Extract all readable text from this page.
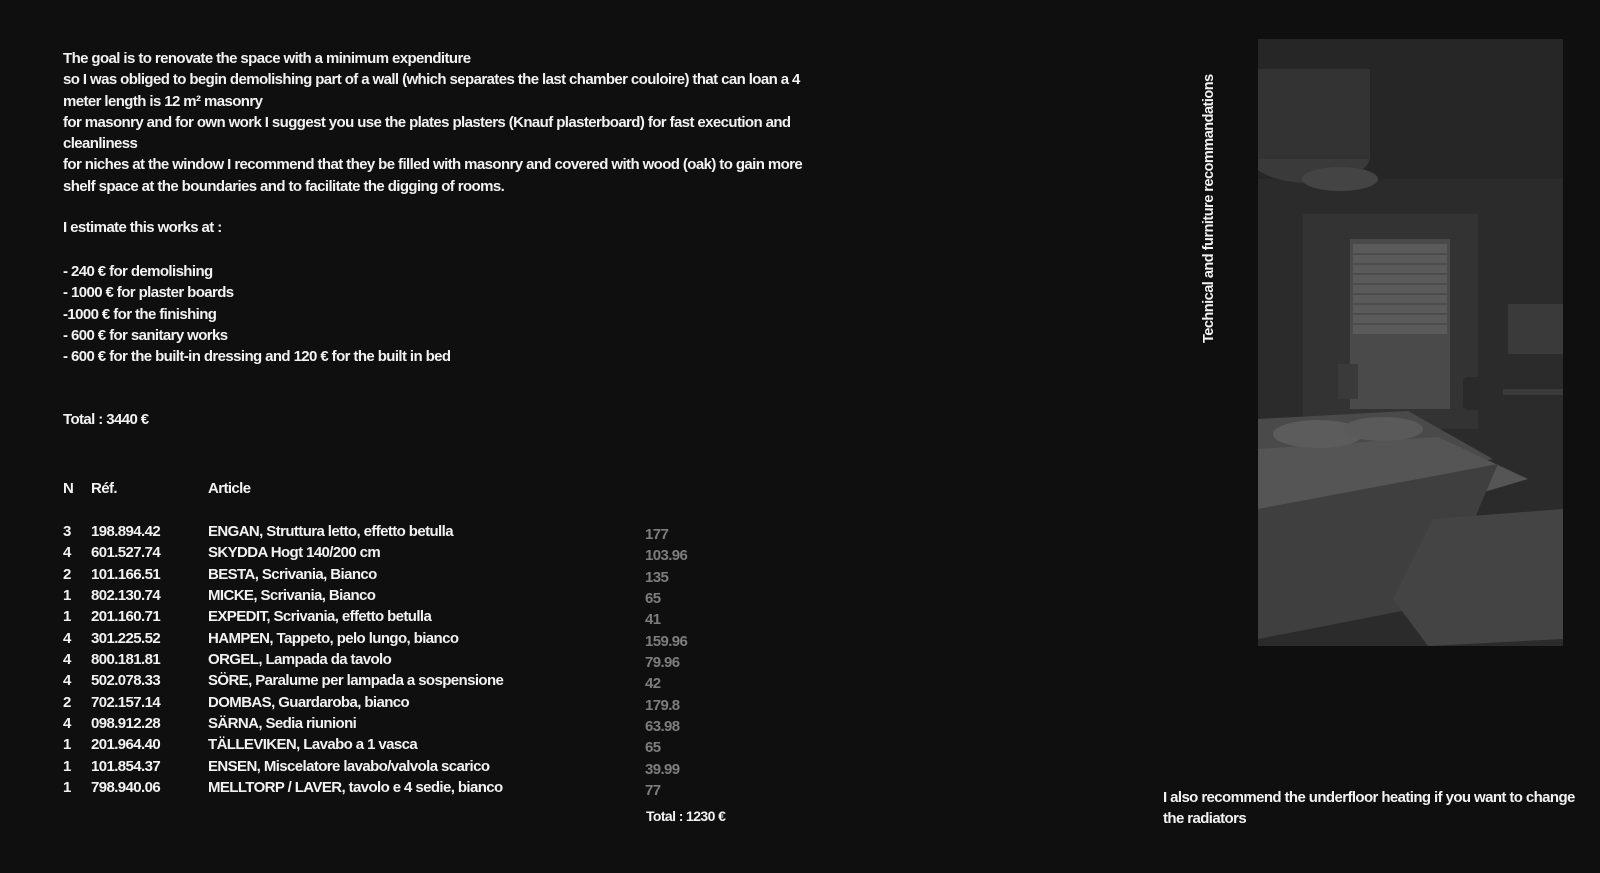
The goal is to renovate the space with a minimum expenditure

so I was obliged to begin demolishing part of a wall (which separates the last chamber couloire) that can loan a 4 meter length is 12 m² masonry

for masonry and for own work I suggest you use the plates plasters (Knauf plasterboard) for fast execution and cleanliness

for niches at the window I recommend that they be filled with masonry and covered with wood (oak) to gain more shelf space at the boundaries and to facilitate the digging of rooms.

I estimate this works at :
- 240 € for demolishing
- 1000 € for plaster boards
-1000 € for the finishing
- 600 € for sanitary works
- 600 € for the built-in dressing and 120 € for the built in bed
Total : 3440 €
N Réf.	Article
3 198.894.42	ENGAN, Struttura letto, effetto betulla	177
4 601.527.74	SKYDDA Hogt 140/200 cm	103.96
2 101.166.51	BESTA, Scrivania, Bianco	135
1 802.130.74	MICKE, Scrivania, Bianco	65
1 201.160.71	EXPEDIT, Scrivania, effetto betulla	41
4 301.225.52	HAMPEN, Tappeto, pelo lungo, bianco	159.96
4 800.181.81	ORGEL, Lampada da tavolo	79.96
4 502.078.33	SÖRE, Paralume per lampada a sospensione	42
2 702.157.14	DOMBAS, Guardaroba, bianco	179.8
4 098.912.28	SÄRNA, Sedia riunioni	63.98
1 201.964.40	TÄLLEVIKEN, Lavabo a 1 vasca	65
1 101.854.37	ENSEN, Miscelatore lavabo/valvola scarico	39.99
1 798.940.06	MELLTORP / LAVER, tavolo e 4 sedie, bianco	77
Total : 1230 €
Technical and furniture recommandations
I also recommend the underfloor heating if you want to change the radiators
